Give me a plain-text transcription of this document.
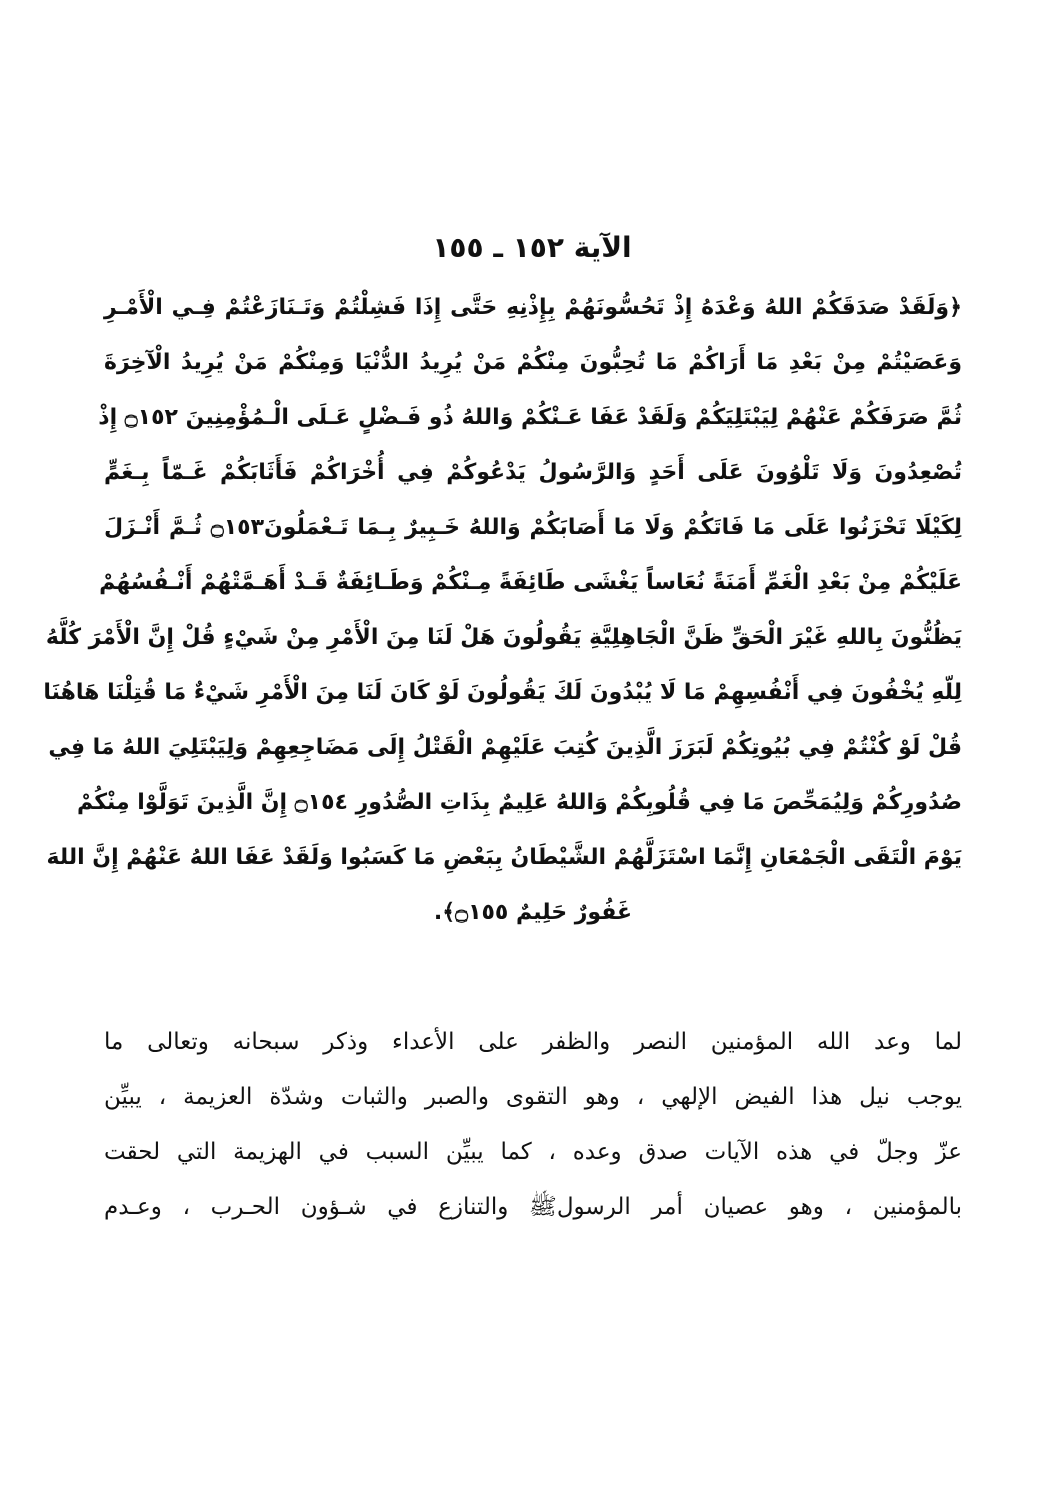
الآية ١٥٢ ـ ١٥٥
﴿وَلَقَدْ صَدَقَكُمْ اللهُ وَعْدَهُ إِذْ تَحُسُّونَهُمْ بِإِذْنِهِ حَتَّى إِذَا فَشِلْتُمْ وَتَـنَازَعْتُمْ فِـي الْأَمْـرِ
وَعَصَيْتُمْ مِنْ بَعْدِ مَا أَرَاكُمْ مَا تُحِبُّونَ مِنْكُمْ مَنْ يُرِيدُ الدُّنْيَا وَمِنْكُمْ مَنْ يُرِيدُ الْآخِرَةَ
ثُمَّ صَرَفَكُمْ عَنْهُمْ لِيَبْتَلِيَكُمْ وَلَقَدْ عَفَا عَـنْكُمْ وَاللهُ ذُو فَـضْلٍ عَـلَى الْـمُؤْمِنِينَ ۝١٥٢ إِذْ
تُصْعِدُونَ وَلَا تَلْوُونَ عَلَى أَحَدٍ وَالرَّسُولُ يَدْعُوكُمْ فِي أُخْرَاكُمْ فَأَثَابَكُمْ غَـمّاً بِـغَمٍّ
لِكَيْلَا تَحْزَنُوا عَلَى مَا فَاتَكُمْ وَلَا مَا أَصَابَكُمْ وَاللهُ خَـبِيرٌ بِـمَا تَـعْمَلُونَ۝١٥٣ ثُـمَّ أَنْـزَلَ
عَلَيْكُمْ مِنْ بَعْدِ الْغَمِّ أَمَنَةً نُعَاساً يَغْشَى طَائِفَةً مِـنْكُمْ وَطَـائِفَةٌ قَـدْ أَهَـمَّتْهُمْ أَنْـفُسُهُمْ
يَظُنُّونَ بِاللهِ غَيْرَ الْحَقِّ ظَنَّ الْجَاهِلِيَّةِ يَقُولُونَ هَلْ لَنَا مِنَ الْأَمْرِ مِنْ شَيْءٍ قُلْ إِنَّ الْأَمْرَ كُلَّهُ
لِلّهِ يُخْفُونَ فِي أَنْفُسِهِمْ مَا لَا يُبْدُونَ لَكَ يَقُولُونَ لَوْ كَانَ لَنَا مِنَ الْأَمْرِ شَيْءٌ مَا قُتِلْنَا هَاهُنَا
قُلْ لَوْ كُنْتُمْ فِي بُيُوتِكُمْ لَبَرَزَ الَّذِينَ كُتِبَ عَلَيْهِمْ الْقَتْلُ إِلَى مَضَاجِعِهِمْ وَلِيَبْتَلِيَ اللهُ مَا فِي
صُدُورِكُمْ وَلِيُمَحِّصَ مَا فِي قُلُوبِكُمْ وَاللهُ عَلِيمٌ بِذَاتِ الصُّدُورِ ۝١٥٤ إِنَّ الَّذِينَ تَوَلَّوْا مِنْكُمْ
يَوْمَ الْتَقَى الْجَمْعَانِ إِنَّمَا اسْتَزَلَّهُمْ الشَّيْطَانُ بِبَعْضِ مَا كَسَبُوا وَلَقَدْ عَفَا اللهُ عَنْهُمْ إِنَّ اللهَ
غَفُورٌ حَلِيمٌ ۝١٥٥﴾.
لما وعد الله المؤمنين النصر والظفر على الأعداء وذكر سبحانه وتعالى ما
يوجب نيل هذا الفيض الإلهي ، وهو التقوى والصبر والثبات وشدّة العزيمة ، يبيِّن
عزّ وجلّ في هذه الآيات صدق وعده ، كما يبيِّن السبب في الهزيمة التي لحقت
بالمؤمنين ، وهو عصيان أمر الرسولﷺ والتنازع في شـؤون الحـرب ، وعـدم
